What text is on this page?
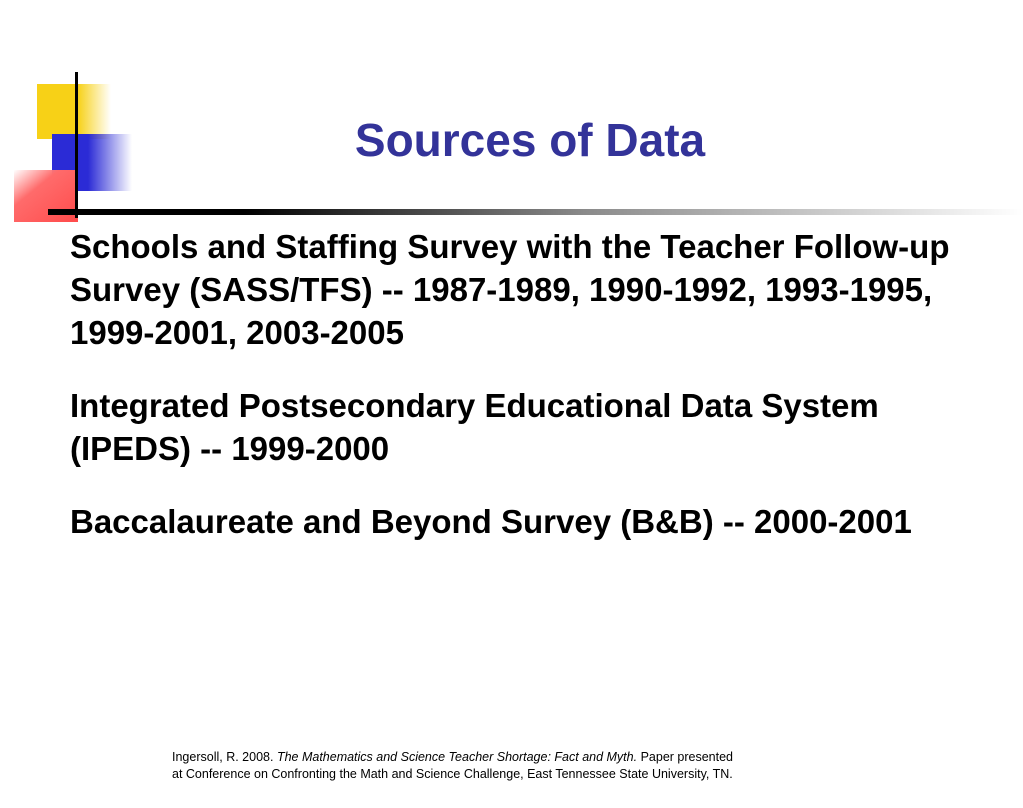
Sources of Data

Schools and Staffing Survey with the Teacher Follow-up Survey (SASS/TFS) -- 1987-1989, 1990-1992, 1993-1995, 1999-2001, 2003-2005

Integrated Postsecondary Educational Data System (IPEDS) -- 1999-2000

Baccalaureate and Beyond Survey (B&B) -- 2000-2001

Ingersoll, R. 2008. The Mathematics and Science Teacher Shortage: Fact and Myth. Paper presented
at Conference on Confronting the Math and Science Challenge, East Tennessee State University, TN.
